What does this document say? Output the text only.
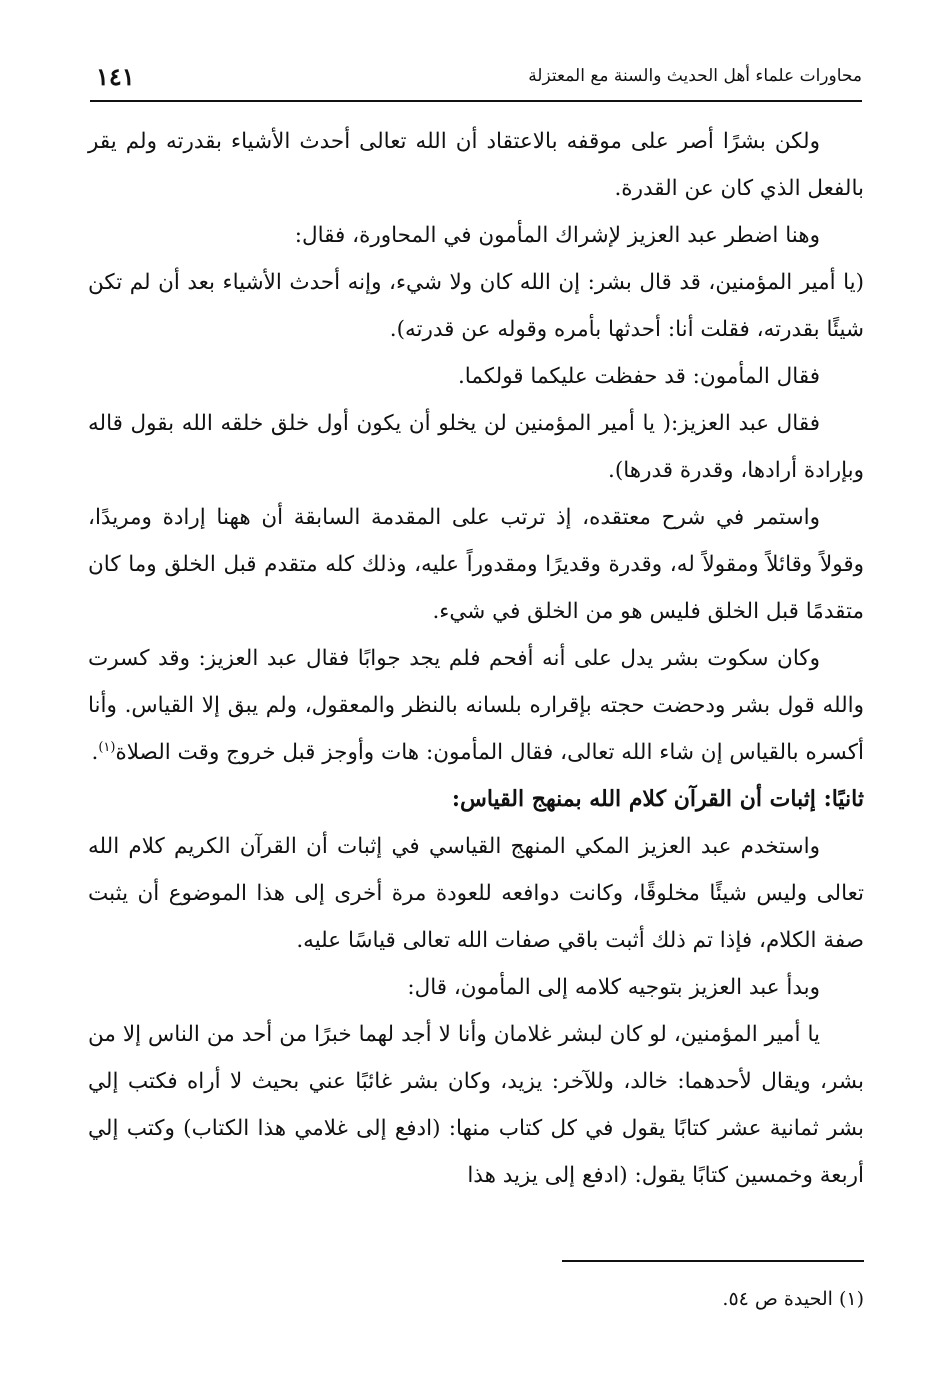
محاورات علماء أهل الحديث والسنة مع المعتزلة
١٤١

ولكن بشرًا أصر على موقفه بالاعتقاد أن الله تعالى أحدث الأشياء بقدرته ولم يقر بالفعل الذي كان عن القدرة.

وهنا اضطر عبد العزيز لإشراك المأمون في المحاورة، فقال:

(يا أمير المؤمنين، قد قال بشر: إن الله كان ولا شيء، وإنه أحدث الأشياء بعد أن لم تكن شيئًا بقدرته، فقلت أنا: أحدثها بأمره وقوله عن قدرته).

فقال المأمون: قد حفظت عليكما قولكما.

فقال عبد العزيز:( يا أمير المؤمنين لن يخلو أن يكون أول خلق خلقه الله بقول قاله وبإرادة أرادها، وقدرة قدرها).

واستمر في شرح معتقده، إذ ترتب على المقدمة السابقة أن ههنا إرادة ومريدًا، وقولاً وقائلاً ومقولاً له، وقدرة وقديرًا ومقدوراً عليه، وذلك كله متقدم قبل الخلق وما كان متقدمًا قبل الخلق فليس هو من الخلق في شيء.

وكان سكوت بشر يدل على أنه أفحم فلم يجد جوابًا فقال عبد العزيز: وقد كسرت والله قول بشر ودحضت حجته بإقراره بلسانه بالنظر والمعقول، ولم يبق إلا القياس. وأنا أكسره بالقياس إن شاء الله تعالى، فقال المأمون: هات وأوجز قبل خروج وقت الصلاة$^{(١)}$.

ثانيًا: إثبات أن القرآن كلام الله بمنهج القياس:

واستخدم عبد العزيز المكي المنهج القياسي في إثبات أن القرآن الكريم كلام الله تعالى وليس شيئًا مخلوقًا، وكانت دوافعه للعودة مرة أخرى إلى هذا الموضوع أن يثبت صفة الكلام، فإذا تم ذلك أثبت باقي صفات الله تعالى قياسًا عليه.

وبدأ عبد العزيز بتوجيه كلامه إلى المأمون، قال:

يا أمير المؤمنين، لو كان لبشر غلامان وأنا لا أجد لهما خبرًا من أحد من الناس إلا من بشر، ويقال لأحدهما: خالد، وللآخر: يزيد، وكان بشر غائبًا عني بحيث لا أراه فكتب إلي بشر ثمانية عشر كتابًا يقول في كل كتاب منها: (ادفع إلى غلامي هذا الكتاب) وكتب إلي أربعة وخمسين كتابًا يقول: (ادفع إلى يزيد هذا

(١) الحيدة ص ٥٤.
